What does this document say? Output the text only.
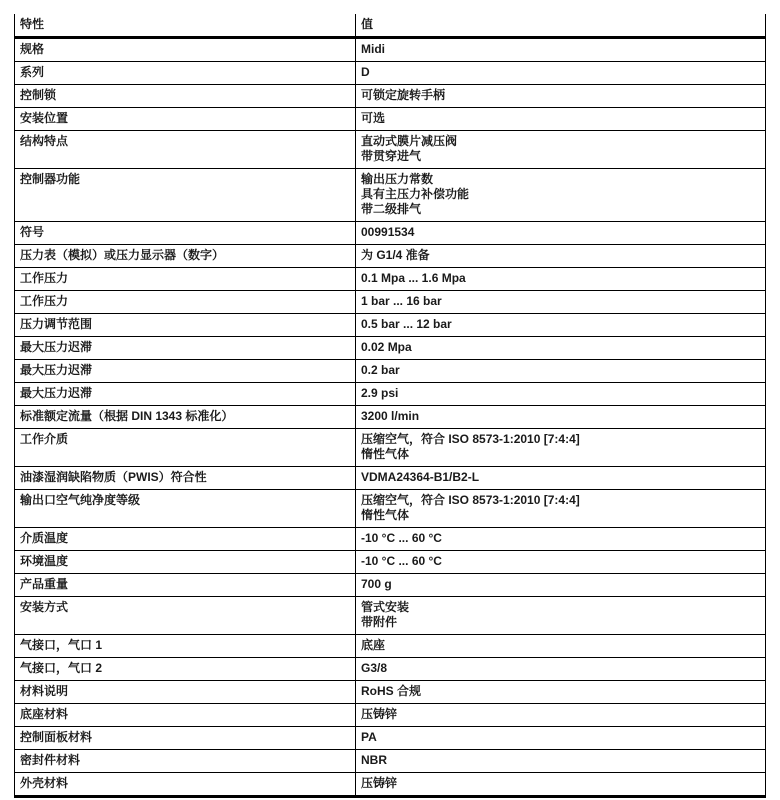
特性	值
规格	Midi
系列	D
控制锁	可锁定旋转手柄
安装位置	可选
结构特点	直动式膜片减压阀
带贯穿进气
控制器功能	输出压力常数
具有主压力补偿功能
带二级排气
符号	00991534
压力表（模拟）或压力显示器（数字）	为 G1/4 准备
工作压力	0.1 Mpa ... 1.6 Mpa
工作压力	1 bar ... 16 bar
压力调节范围	0.5 bar ... 12 bar
最大压力迟滞	0.02 Mpa
最大压力迟滞	0.2 bar
最大压力迟滞	2.9 psi
标准额定流量（根据 DIN 1343 标准化）	3200 l/min
工作介质	压缩空气，符合 ISO 8573-1:2010 [7:4:4]
惰性气体
油漆湿润缺陷物质（PWIS）符合性	VDMA24364-B1/B2-L
输出口空气纯净度等级	压缩空气，符合 ISO 8573-1:2010 [7:4:4]
惰性气体
介质温度	-10 °C ... 60 °C
环境温度	-10 °C ... 60 °C
产品重量	700 g
安装方式	管式安装
带附件
气接口，气口 1	底座
气接口，气口 2	G3/8
材料说明	RoHS 合规
底座材料	压铸锌
控制面板材料	PA
密封件材料	NBR
外壳材料	压铸锌
